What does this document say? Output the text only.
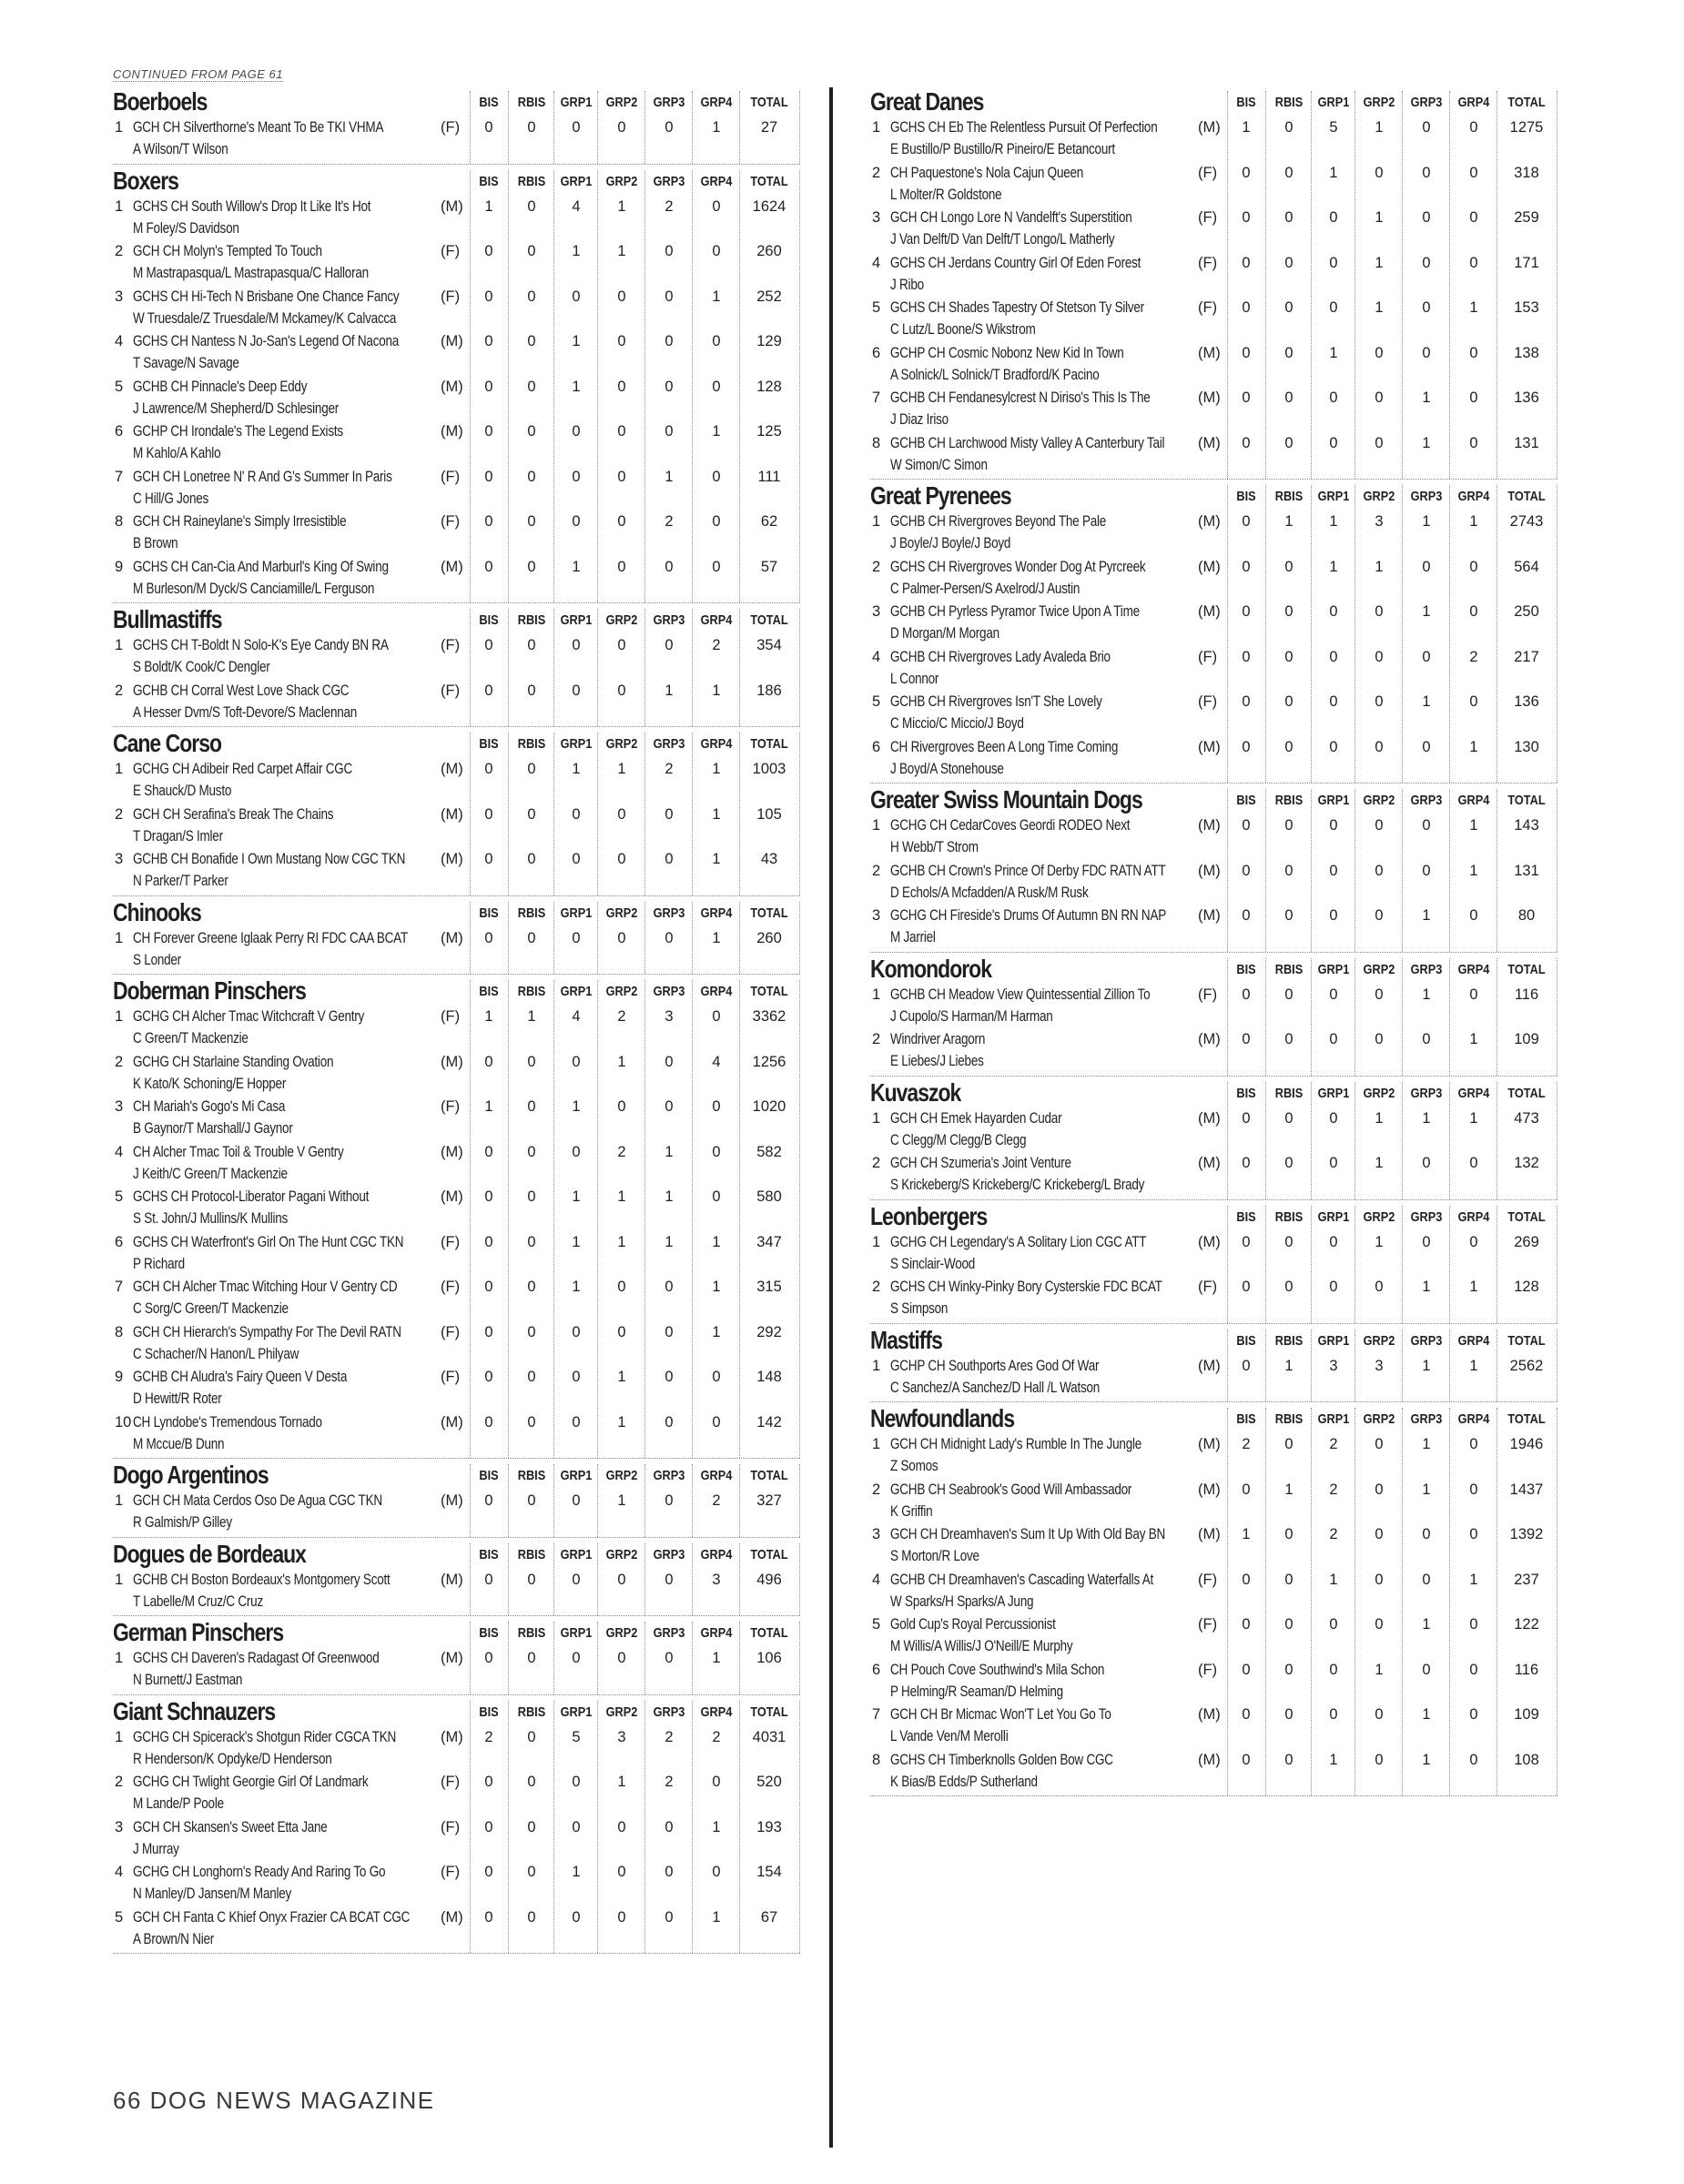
CONTINUED FROM PAGE 61
Boerboels	BIS	RBIS	GRP1 GRP2 GRP3 GRP4	TOTAL
1 GCH CH Silverthorne's Meant To Be TKI VHMA
A Wilson/T Wilson
(F)	0	0	0	0	0	1	27
Boxers	BIS	RBIS	GRP1 GRP2 GRP3 GRP4	TOTAL
1 GCHS CH South Willow's Drop It Like It's Hot
M Foley/S Davidson
(M)	1	0	4	1	2	0	1624
2 GCH CH Molyn's Tempted To Touch
M Mastrapasqua/L Mastrapasqua/C Halloran
(F)	0	0	1	1	0	0	260
3 GCHS CH Hi-Tech N Brisbane One Chance Fancy
W Truesdale/Z Truesdale/M Mckamey/K Calvacca
(F)	0	0	0	0	0	1	252
4 GCHS CH Nantess N Jo-San's Legend Of Nacona
T Savage/N Savage
(M)	0	0	1	0	0	0	129
5 GCHB CH Pinnacle's Deep Eddy
J Lawrence/M Shepherd/D Schlesinger
(M)	0	0	1	0	0	0	128
6 GCHP CH Irondale's The Legend Exists
M Kahlo/A Kahlo
(M)	0	0	0	0	0	1	125
7 GCH CH Lonetree N' R And G's Summer In Paris
C Hill/G Jones
(F)	0	0	0	0	1	0	111
8 GCH CH Raineylane's Simply Irresistible
B Brown
(F)	0	0	0	0	2	0	62
9 GCHS CH Can-Cia And Marburl's King Of Swing
M Burleson/M Dyck/S Canciamille/L Ferguson
(M)	0	0	1	0	0	0	57
Bullmastiffs	BIS	RBIS	GRP1 GRP2 GRP3 GRP4	TOTAL
1 GCHS CH T-Boldt N Solo-K's Eye Candy BN RA
S Boldt/K Cook/C Dengler
(F)	0	0	0	0	0	2	354
2 GCHB CH Corral West Love Shack CGC
A Hesser Dvm/S Toft-Devore/S Maclennan
(F)	0	0	0	0	1	1	186
Cane Corso	BIS	RBIS	GRP1 GRP2 GRP3 GRP4	TOTAL
1 GCHG CH Adibeir Red Carpet Affair CGC
E Shauck/D Musto
(M)	0	0	1	1	2	1	1003
2 GCH CH Serafina's Break The Chains
T Dragan/S Imler
(M)	0	0	0	0	0	1	105
3 GCHB CH Bonafide I Own Mustang Now CGC TKN
N Parker/T Parker
(M)	0	0	0	0	0	1	43
Chinooks	BIS	RBIS	GRP1 GRP2 GRP3 GRP4	TOTAL
1 CH Forever Greene Iglaak Perry RI FDC CAA BCAT
S Londer
(M)	0	0	0	0	0	1	260
Doberman Pinschers	BIS	RBIS	GRP1 GRP2 GRP3 GRP4	TOTAL
1 GCHG CH Alcher Tmac Witchcraft V Gentry
C Green/T Mackenzie
(F)	1	1	4	2	3	0	3362
2 GCHG CH Starlaine Standing Ovation
K Kato/K Schoning/E Hopper
(M)	0	0	0	1	0	4	1256
3 CH Mariah's Gogo's Mi Casa
B Gaynor/T Marshall/J Gaynor
(F)	1	0	1	0	0	0	1020
4 CH Alcher Tmac Toil & Trouble V Gentry
J Keith/C Green/T Mackenzie
(M)	0	0	0	2	1	0	582
5 GCHS CH Protocol-Liberator Pagani Without
S St. John/J Mullins/K Mullins
(M)	0	0	1	1	1	0	580
6 GCHS CH Waterfront's Girl On The Hunt CGC TKN
P Richard
(F)	0	0	1	1	1	1	347
7 GCH CH Alcher Tmac Witching Hour V Gentry CD
C Sorg/C Green/T Mackenzie
(F)	0	0	1	0	0	1	315
8 GCH CH Hierarch's Sympathy For The Devil RATN
C Schacher/N Hanon/L Philyaw
(F)	0	0	0	0	0	1	292
9 GCHB CH Aludra's Fairy Queen V Desta
D Hewitt/R Roter
(F)	0	0	0	1	0	0	148
10 CH Lyndobe's Tremendous Tornado
M Mccue/B Dunn
(M)	0	0	0	1	0	0	142
Dogo Argentinos	BIS	RBIS	GRP1 GRP2 GRP3 GRP4	TOTAL
1 GCH CH Mata Cerdos Oso De Agua CGC TKN
R Galmish/P Gilley
(M)	0	0	0	1	0	2	327
Dogues de Bordeaux	BIS	RBIS	GRP1 GRP2 GRP3 GRP4	TOTAL
1 GCHB CH Boston Bordeaux's Montgomery Scott
T Labelle/M Cruz/C Cruz
(M)	0	0	0	0	0	3	496
German Pinschers	BIS	RBIS	GRP1 GRP2 GRP3 GRP4	TOTAL
1 GCHS CH Daveren's Radagast Of Greenwood
N Burnett/J Eastman
(M)	0	0	0	0	0	1	106
Giant Schnauzers	BIS	RBIS	GRP1 GRP2 GRP3 GRP4	TOTAL
1 GCHG CH Spicerack's Shotgun Rider CGCA TKN
R Henderson/K Opdyke/D Henderson
(M)	2	0	5	3	2	2	4031
2 GCHG CH Twlight Georgie Girl Of Landmark
M Lande/P Poole
(F)	0	0	0	1	2	0	520
3 GCH CH Skansen's Sweet Etta Jane
J Murray
(F)	0	0	0	0	0	1	193
4 GCHG CH Longhorn's Ready And Raring To Go
N Manley/D Jansen/M Manley
(F)	0	0	1	0	0	0	154
5 GCH CH Fanta C Khief Onyx Frazier CA BCAT CGC
A Brown/N Nier
(M)	0	0	0	0	0	1	67
Great Danes	BIS	RBIS	GRP1 GRP2 GRP3 GRP4	TOTAL
1 GCHS CH Eb The Relentless Pursuit Of Perfection
E Bustillo/P Bustillo/R Pineiro/E Betancourt
(M)	1	0	5	1	0	0	1275
2 CH Paquestone's Nola Cajun Queen
L Molter/R Goldstone
(F)	0	0	1	0	0	0	318
3 GCH CH Longo Lore N Vandelft's Superstition
J Van Delft/D Van Delft/T Longo/L Matherly
(F)	0	0	0	1	0	0	259
4 GCHS CH Jerdans Country Girl Of Eden Forest
J Ribo
(F)	0	0	0	1	0	0	171
5 GCHS CH Shades Tapestry Of Stetson Ty Silver
C Lutz/L Boone/S Wikstrom
(F)	0	0	0	1	0	1	153
6 GCHP CH Cosmic Nobonz New Kid In Town
A Solnick/L Solnick/T Bradford/K Pacino
(M)	0	0	1	0	0	0	138
7 GCHB CH Fendanesylcrest N Diriso's This Is The
J Diaz Iriso
(M)	0	0	0	0	1	0	136
8 GCHB CH Larchwood Misty Valley A Canterbury Tail
W Simon/C Simon
(M)	0	0	0	0	1	0	131
Great Pyrenees	BIS	RBIS	GRP1 GRP2 GRP3 GRP4	TOTAL
1 GCHB CH Rivergroves Beyond The Pale
J Boyle/J Boyle/J Boyd
(M)	0	1	1	3	1	1	2743
2 GCHS CH Rivergroves Wonder Dog At Pyrcreek
C Palmer-Persen/S Axelrod/J Austin
(M)	0	0	1	1	0	0	564
3 GCHB CH Pyrless Pyramor Twice Upon A Time
D Morgan/M Morgan
(M)	0	0	0	0	1	0	250
4 GCHB CH Rivergroves Lady Avaleda Brio
L Connor
(F)	0	0	0	0	0	2	217
5 GCHB CH Rivergroves Isn'T She Lovely
C Miccio/C Miccio/J Boyd
(F)	0	0	0	0	1	0	136
6 CH Rivergroves Been A Long Time Coming
J Boyd/A Stonehouse
(M)	0	0	0	0	0	1	130
Greater Swiss Mountain Dogs	BIS	RBIS	GRP1 GRP2 GRP3 GRP4	TOTAL
1 GCHG CH CedarCoves Geordi RODEO Next
H Webb/T Strom
(M)	0	0	0	0	0	1	143
2 GCHB CH Crown's Prince Of Derby FDC RATN ATT
D Echols/A Mcfadden/A Rusk/M Rusk
(M)	0	0	0	0	0	1	131
3 GCHG CH Fireside's Drums Of Autumn BN RN NAP
M Jarriel
(M)	0	0	0	0	1	0	80
Komondorok	BIS	RBIS	GRP1 GRP2 GRP3 GRP4	TOTAL
1 GCHB CH Meadow View Quintessential Zillion To
J Cupolo/S Harman/M Harman
(F)	0	0	0	0	1	0	116
2 Windriver Aragorn
E Liebes/J Liebes
(M)	0	0	0	0	0	1	109
Kuvaszok	BIS	RBIS	GRP1 GRP2 GRP3 GRP4	TOTAL
1 GCH CH Emek Hayarden Cudar
C Clegg/M Clegg/B Clegg
(M)	0	0	0	1	1	1	473
2 GCH CH Szumeria's Joint Venture
S Krickeberg/S Krickeberg/C Krickeberg/L Brady
(M)	0	0	0	1	0	0	132
Leonbergers	BIS	RBIS	GRP1 GRP2 GRP3 GRP4	TOTAL
1 GCHG CH Legendary's A Solitary Lion CGC ATT
S Sinclair-Wood
(M)	0	0	0	1	0	0	269
2 GCHS CH Winky-Pinky Bory Cysterskie FDC BCAT
S Simpson
(F)	0	0	0	0	1	1	128
Mastiffs	BIS	RBIS	GRP1 GRP2 GRP3 GRP4	TOTAL
1 GCHP CH Southports Ares God Of War
C Sanchez/A Sanchez/D Hall /L Watson
(M)	0	1	3	3	1	1	2562
Newfoundlands	BIS	RBIS	GRP1 GRP2 GRP3 GRP4	TOTAL
1 GCH CH Midnight Lady's Rumble In The Jungle
Z Somos
(M)	2	0	2	0	1	0	1946
2 GCHB CH Seabrook's Good Will Ambassador
K Griffin
(M)	0	1	2	0	1	0	1437
3 GCH CH Dreamhaven's Sum It Up With Old Bay BN
S Morton/R Love
(M)	1	0	2	0	0	0	1392
4 GCHB CH Dreamhaven's Cascading Waterfalls At
W Sparks/H Sparks/A Jung
(F)	0	0	1	0	0	1	237
5 Gold Cup's Royal Percussionist
M Willis/A Willis/J O'Neill/E Murphy
(F)	0	0	0	0	1	0	122
6 CH Pouch Cove Southwind's Mila Schon
P Helming/R Seaman/D Helming
(F)	0	0	0	1	0	0	116
7 GCH CH Br Micmac Won'T Let You Go To
L Vande Ven/M Merolli
(M)	0	0	0	0	1	0	109
8 GCHS CH Timberknolls Golden Bow CGC
K Bias/B Edds/P Sutherland
(M)	0	0	1	0	1	0	108
66 DOG NEWS MAGAZINE
